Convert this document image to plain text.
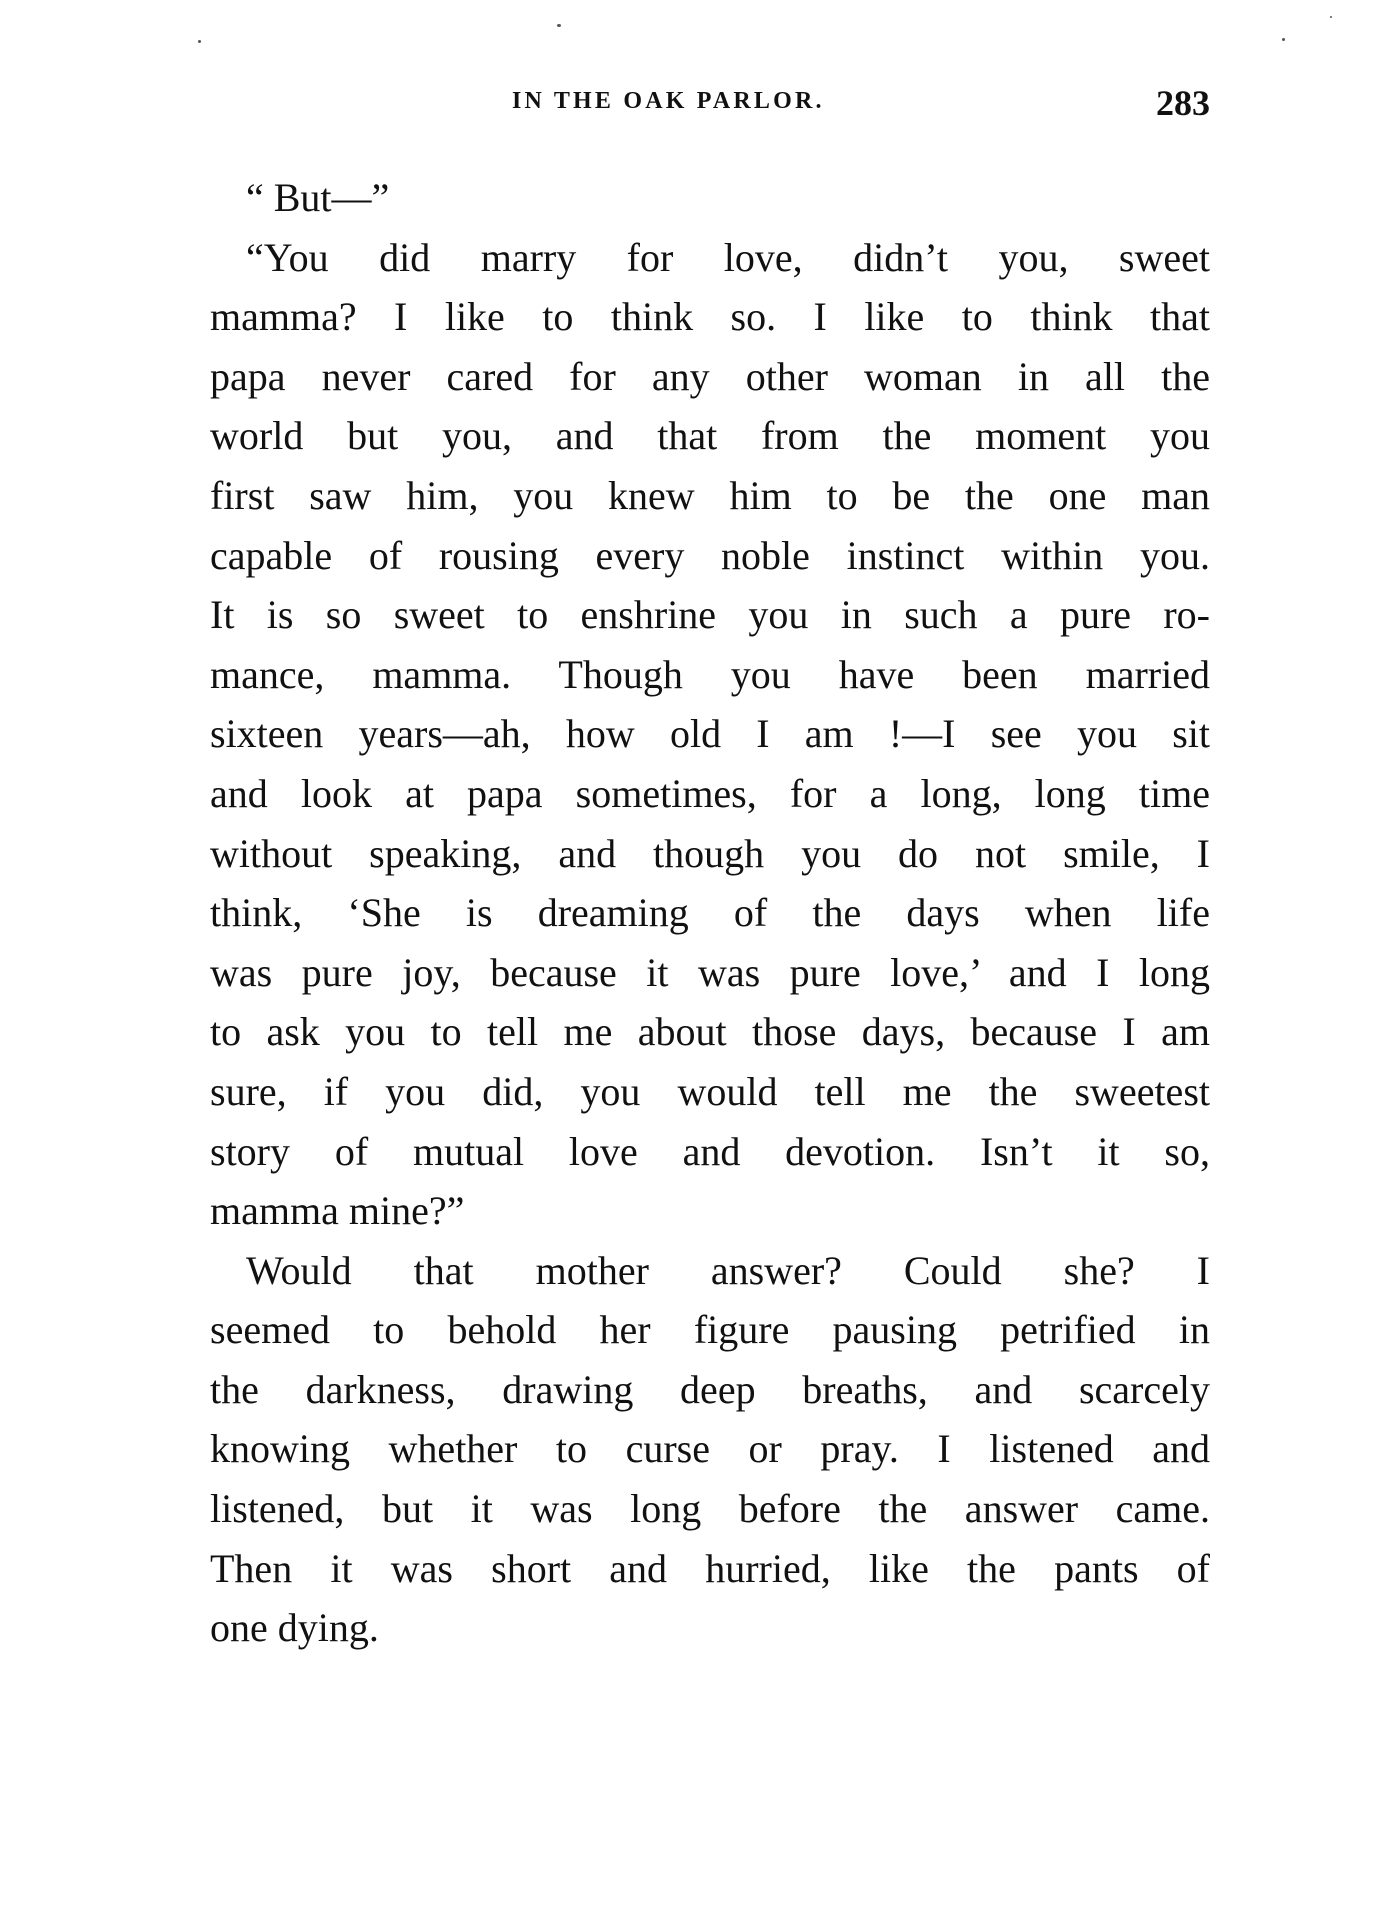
IN THE OAK PARLOR.	283
“ But—”
“You did marry for love, didn’t you, sweet
mamma? I like to think so. I like to think that
papa never cared for any other woman in all the
world but you, and that from the moment you
first saw him, you knew him to be the one man
capable of rousing every noble instinct within you.
It is so sweet to enshrine you in such a pure ro-
mance, mamma. Though you have been married
sixteen years—ah, how old I am !—I see you sit
and look at papa sometimes, for a long, long time
without speaking, and though you do not smile, I
think, ‘She is dreaming of the days when life
was pure joy, because it was pure love,’ and I long
to ask you to tell me about those days, because I am
sure, if you did, you would tell me the sweetest
story of mutual love and devotion. Isn’t it so,
mamma mine?”
Would that mother answer? Could she? I
seemed to behold her figure pausing petrified in
the darkness, drawing deep breaths, and scarcely
knowing whether to curse or pray. I listened and
listened, but it was long before the answer came.
Then it was short and hurried, like the pants of
one dying.
